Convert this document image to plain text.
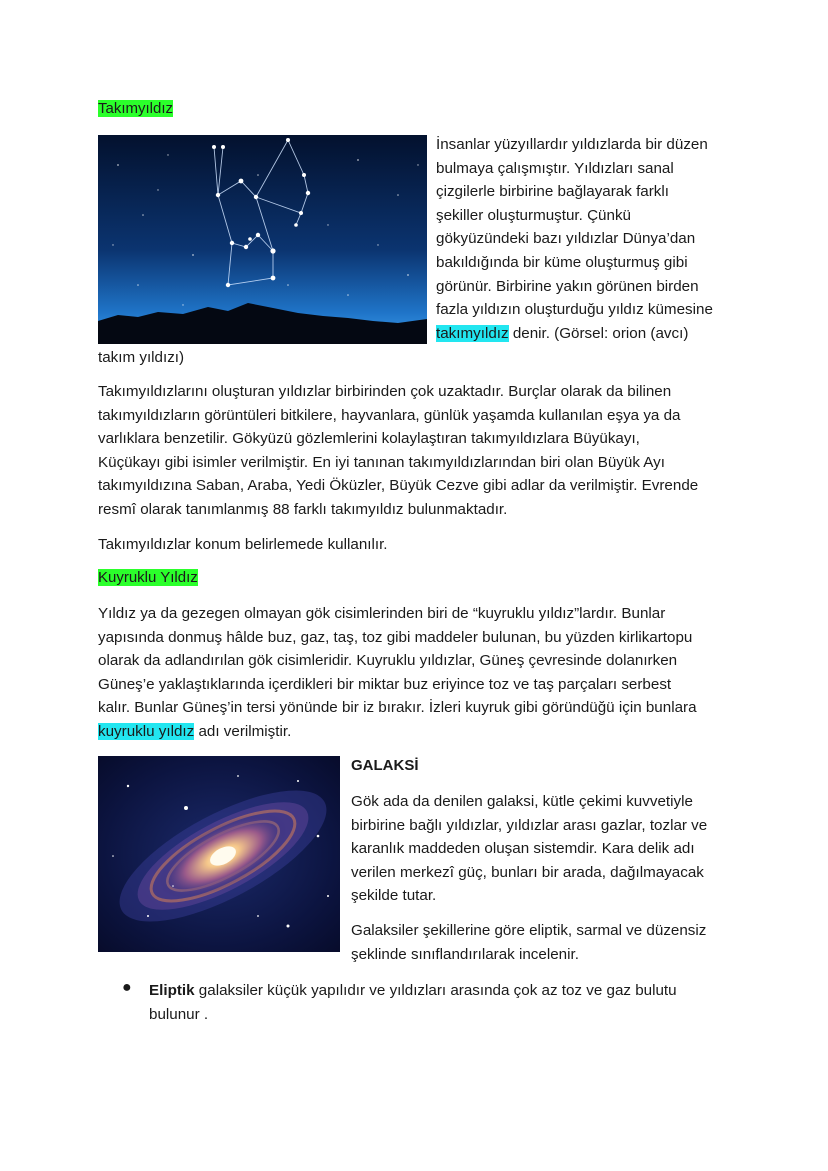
Takımyıldız

İnsanlar yüzyıllardır yıldızlarda bir düzen

bulmaya çalışmıştır. Yıldızları sanal

çizgilerle birbirine bağlayarak farklı

şekiller oluşturmuştur. Çünkü

gökyüzündeki bazı yıldızlar Dünya’dan

bakıldığında bir küme oluşturmuş gibi

görünür. Birbirine yakın görünen birden

fazla yıldızın oluşturduğu yıldız kümesine

takımyıldız denir. (Görsel: orion (avcı)

takım yıldızı)

Takımyıldızlarını oluşturan yıldızlar birbirinden çok uzaktadır. Burçlar olarak da bilinen

takımyıldızların görüntüleri bitkilere, hayvanlara, günlük yaşamda kullanılan eşya ya da

varlıklara benzetilir. Gökyüzü gözlemlerini kolaylaştıran takımyıldızlara Büyükayı,

Küçükayı gibi isimler verilmiştir. En iyi tanınan takımyıldızlarından biri olan Büyük Ayı

takımyıldızına Saban, Araba, Yedi Öküzler, Büyük Cezve gibi adlar da verilmiştir. Evrende

resmî olarak tanımlanmış 88 farklı takımyıldız bulunmaktadır.

Takımyıldızlar konum belirlemede kullanılır.
Kuyruklu Yıldız

Yıldız ya da gezegen olmayan gök cisimlerinden biri de “kuyruklu yıldız”lardır. Bunlar

yapısında donmuş hâlde buz, gaz, taş, toz gibi maddeler bulunan, bu yüzden kirlikartopu

olarak da adlandırılan gök cisimleridir. Kuyruklu yıldızlar, Güneş çevresinde dolanırken

Güneş’e yaklaştıklarında içerdikleri bir miktar buz eriyince toz ve taş parçaları serbest

kalır. Bunlar Güneş’in tersi yönünde bir iz bırakır. İzleri kuyruk gibi göründüğü için bunlara

kuyruklu yıldız adı verilmiştir.

GALAKSİ

Gök ada da denilen galaksi, kütle çekimi kuvvetiyle

birbirine bağlı yıldızlar, yıldızlar arası gazlar, tozlar ve

karanlık maddeden oluşan sistemdir. Kara delik adı

verilen merkezî güç, bunları bir arada, dağılmayacak

şekilde tutar.

Galaksiler şekillerine göre eliptik, sarmal ve düzensiz

şeklinde sınıflandırılarak incelenir.

● Eliptik galaksiler küçük yapılıdır ve yıldızları arasında çok az toz ve gaz bulutu

bulunur .
